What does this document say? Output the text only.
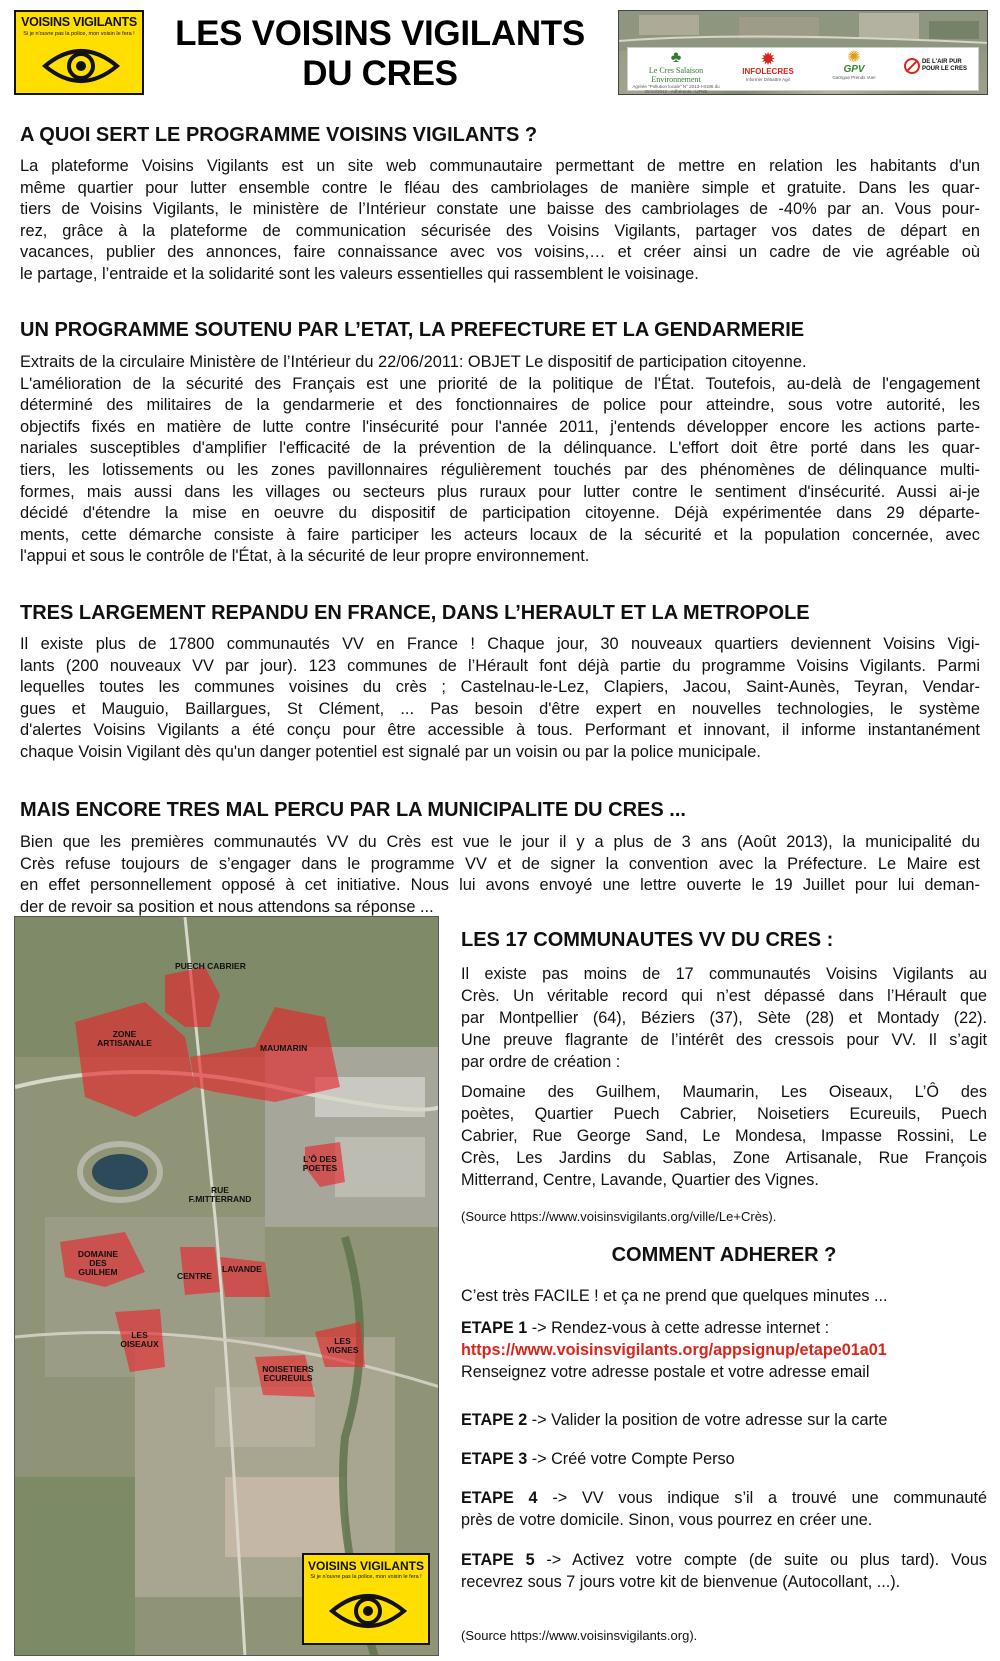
VOISINS VIGILANTS
Si je n'ouvre pas la police, mon voisin le fera !	LES VOISINS VIGILANTS
DU CRES	♣
Le Cres Salaison Environnement
Agréée "Pollution locale" N° 2013-I-8186 du 25/10/2013 - Adhérente : UFNE
✹
INFOLECRES
Informer Débattre Agir
✺
GPV
Garrigue Prends Vue!
DE L'AIR PUR POUR LE CRES
A QUOI SERT LE PROGRAMME VOISINS VIGILANTS ?
La plateforme Voisins Vigilants est un site web communautaire permettant de mettre en relation les habitants d'un
même quartier pour lutter ensemble contre le fléau des cambriolages de manière simple et gratuite. Dans les quar-
tiers de Voisins Vigilants, le ministère de l’Intérieur constate une baisse des cambriolages de -40% par an. Vous pour-
rez, grâce à la plateforme de communication sécurisée des Voisins Vigilants, partager vos dates de départ en
vacances, publier des annonces, faire connaissance avec vos voisins,… et créer ainsi un cadre de vie agréable où
le partage, l’entraide et la solidarité sont les valeurs essentielles qui rassemblent le voisinage.
UN PROGRAMME SOUTENU PAR L’ETAT, LA PREFECTURE ET LA GENDARMERIE
Extraits de la circulaire Ministère de l’Intérieur du 22/06/2011: OBJET Le dispositif de participation citoyenne.
L'amélioration de la sécurité des Français est une priorité de la politique de l'État. Toutefois, au-delà de l'engagement
déterminé des militaires de la gendarmerie et des fonctionnaires de police pour atteindre, sous votre autorité, les
objectifs fixés en matière de lutte contre l'insécurité pour l'année 2011, j'entends développer encore les actions parte-
nariales susceptibles d'amplifier l'efficacité de la prévention de la délinquance. L'effort doit être porté dans les quar-
tiers, les lotissements ou les zones pavillonnaires régulièrement touchés par des phénomènes de délinquance multi-
formes, mais aussi dans les villages ou secteurs plus ruraux pour lutter contre le sentiment d'insécurité. Aussi ai-je
décidé d'étendre la mise en oeuvre du dispositif de participation citoyenne. Déjà expérimentée dans 29 départe-
ments, cette démarche consiste à faire participer les acteurs locaux de la sécurité et la population concernée, avec
l'appui et sous le contrôle de l'État, à la sécurité de leur propre environnement.
TRES LARGEMENT REPANDU EN FRANCE, DANS L’HERAULT ET LA METROPOLE
Il existe plus de 17800 communautés VV en France ! Chaque jour, 30 nouveaux quartiers deviennent Voisins Vigi-
lants (200 nouveaux VV par jour). 123 communes de l’Hérault font déjà partie du programme Voisins Vigilants. Parmi
lequelles toutes les communes voisines du crès ; Castelnau-le-Lez, Clapiers, Jacou, Saint-Aunès, Teyran, Vendar-
gues et Mauguio, Baillargues, St Clément, ... Pas besoin d'être expert en nouvelles technologies, le système
d'alertes Voisins Vigilants a été conçu pour être accessible à tous. Performant et innovant, il informe instantanément
chaque Voisin Vigilant dès qu'un danger potentiel est signalé par un voisin ou par la police municipale.
MAIS ENCORE TRES MAL PERCU PAR LA MUNICIPALITE DU CRES ...
Bien que les premières communautés VV du Crès est vue le jour il y a plus de 3 ans (Août 2013), la municipalité du
Crès refuse toujours de s’engager dans le programme VV et de signer la convention avec la Préfecture. Le Maire est
en effet personnellement opposé à cet initiative. Nous lui avons envoyé une lettre ouverte le 19 Juillet pour lui deman-
der de revoir sa position et nous attendons sa réponse ...
PUECH CABRIER
ZONE ARTISANALE	MAUMARIN
L'Ô DES POETES
RUE F.MITTERRAND
DOMAINE DES GUILHEM	CENTRE
LAVANDE
LES OISEAUX	LES VIGNES
NOISETIERS ECUREUILS
VOISINS VIGILANTS
Si je n'ouvre pas la police, mon voisin le fera !
LES 17 COMMUNAUTES VV DU CRES :
Il existe pas moins de 17 communautés Voisins Vigilants au
Crès. Un véritable record qui n’est dépassé dans l’Hérault que
par Montpellier (64), Béziers (37), Sète (28) et Montady (22).
Une preuve flagrante de l’intérêt des cressois pour VV. Il s’agit
par ordre de création :
Domaine des Guilhem, Maumarin, Les Oiseaux, L’Ô des
poètes, Quartier Puech Cabrier, Noisetiers Ecureuils, Puech
Cabrier, Rue George Sand, Le Mondesa, Impasse Rossini, Le
Crès, Les Jardins du Sablas, Zone Artisanale, Rue François
Mitterrand, Centre, Lavande, Quartier des Vignes.
(Source https://www.voisinsvigilants.org/ville/Le+Crès).
COMMENT ADHERER ?
C’est très FACILE ! et ça ne prend que quelques minutes ...
ETAPE 1 -> Rendez-vous à cette adresse internet :
https://www.voisinsvigilants.org/appsignup/etape01a01
Renseignez votre adresse postale et votre adresse email
ETAPE 2 -> Valider la position de votre adresse sur la carte
ETAPE 3 -> Créé votre Compte Perso
ETAPE 4 -> VV vous indique s’il a trouvé une communauté
près de votre domicile. Sinon, vous pourrez en créer une.
ETAPE 5 -> Activez votre compte (de suite ou plus tard). Vous
recevrez sous 7 jours votre kit de bienvenue (Autocollant, ...).
(Source https://www.voisinsvigilants.org).
